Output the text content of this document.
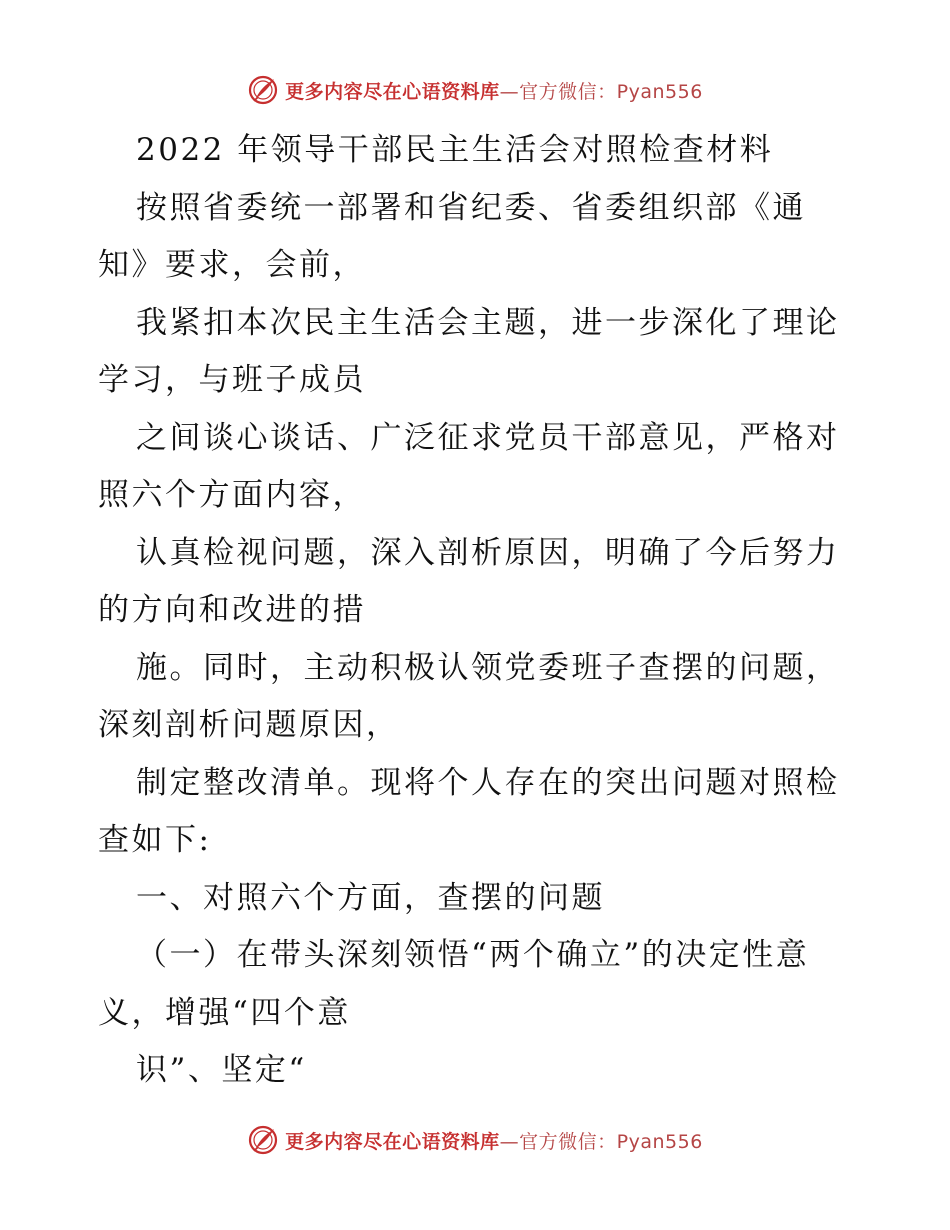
更多内容尽在心语资料库—官方微信：Pyan556
2022 年领导干部民主生活会对照检查材料
按照省委统一部署和省纪委、省委组织部《通
知》要求，会前，
我紧扣本次民主生活会主题，进一步深化了理论
学习，与班子成员
之间谈心谈话、广泛征求党员干部意见，严格对
照六个方面内容，
认真检视问题，深入剖析原因，明确了今后努力
的方向和改进的措
施。同时，主动积极认领党委班子查摆的问题，
深刻剖析问题原因，
制定整改清单。现将个人存在的突出问题对照检
查如下:
一、对照六个方面，查摆的问题
（一）在带头深刻领悟“两个确立”的决定性意
义，增强“四个意
识”、坚定“
更多内容尽在心语资料库—官方微信：Pyan556
